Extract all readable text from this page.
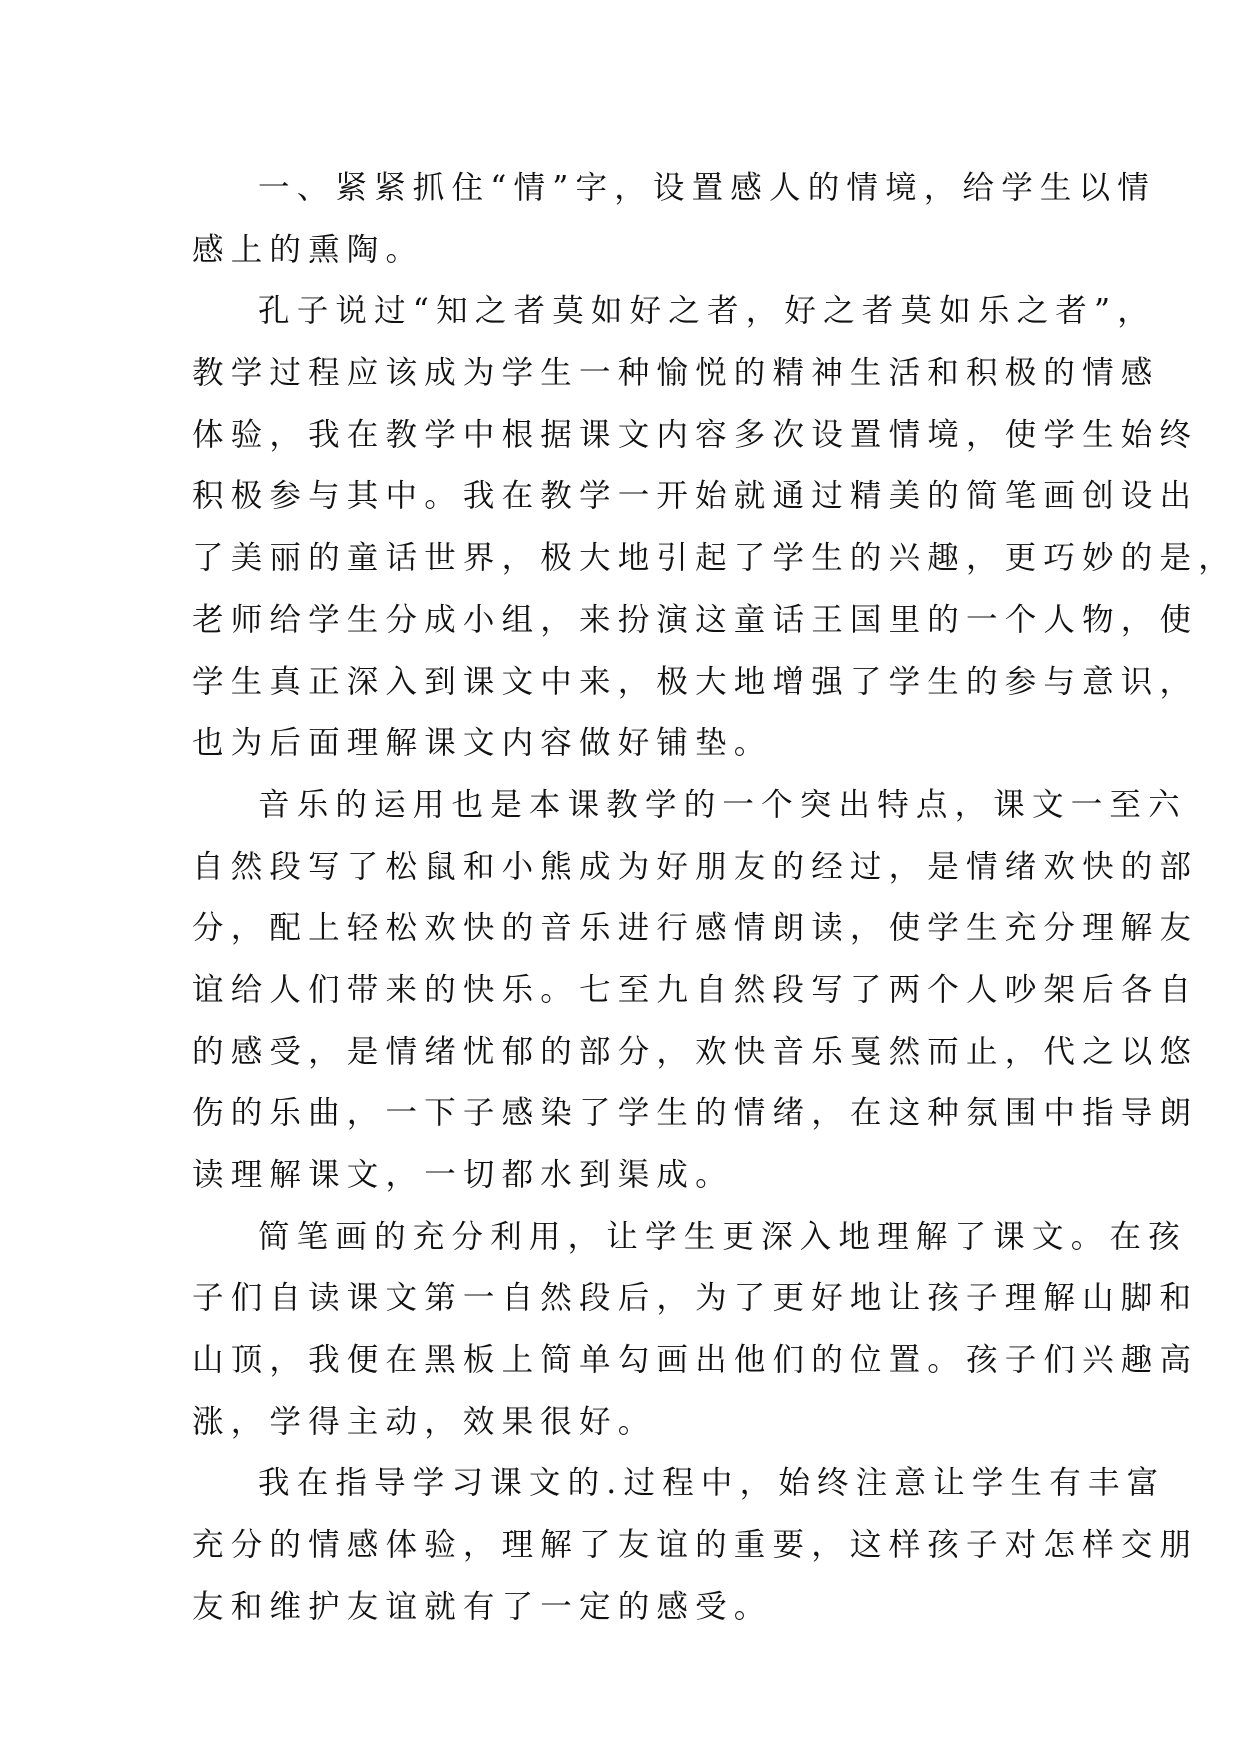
一、紧紧抓住“情”字，设置感人的情境，给学生以情
感上的熏陶。
孔子说过“知之者莫如好之者，好之者莫如乐之者”，
教学过程应该成为学生一种愉悦的精神生活和积极的情感
体验，我在教学中根据课文内容多次设置情境，使学生始终
积极参与其中。我在教学一开始就通过精美的简笔画创设出
了美丽的童话世界，极大地引起了学生的兴趣，更巧妙的是，
老师给学生分成小组，来扮演这童话王国里的一个人物，使
学生真正深入到课文中来，极大地增强了学生的参与意识，
也为后面理解课文内容做好铺垫。
音乐的运用也是本课教学的一个突出特点，课文一至六
自然段写了松鼠和小熊成为好朋友的经过，是情绪欢快的部
分，配上轻松欢快的音乐进行感情朗读，使学生充分理解友
谊给人们带来的快乐。七至九自然段写了两个人吵架后各自
的感受，是情绪忧郁的部分，欢快音乐戛然而止，代之以悠
伤的乐曲，一下子感染了学生的情绪，在这种氛围中指导朗
读理解课文，一切都水到渠成。
简笔画的充分利用，让学生更深入地理解了课文。在孩
子们自读课文第一自然段后，为了更好地让孩子理解山脚和
山顶，我便在黑板上简单勾画出他们的位置。孩子们兴趣高
涨，学得主动，效果很好。
我在指导学习课文的.过程中，始终注意让学生有丰富
充分的情感体验，理解了友谊的重要，这样孩子对怎样交朋
友和维护友谊就有了一定的感受。
